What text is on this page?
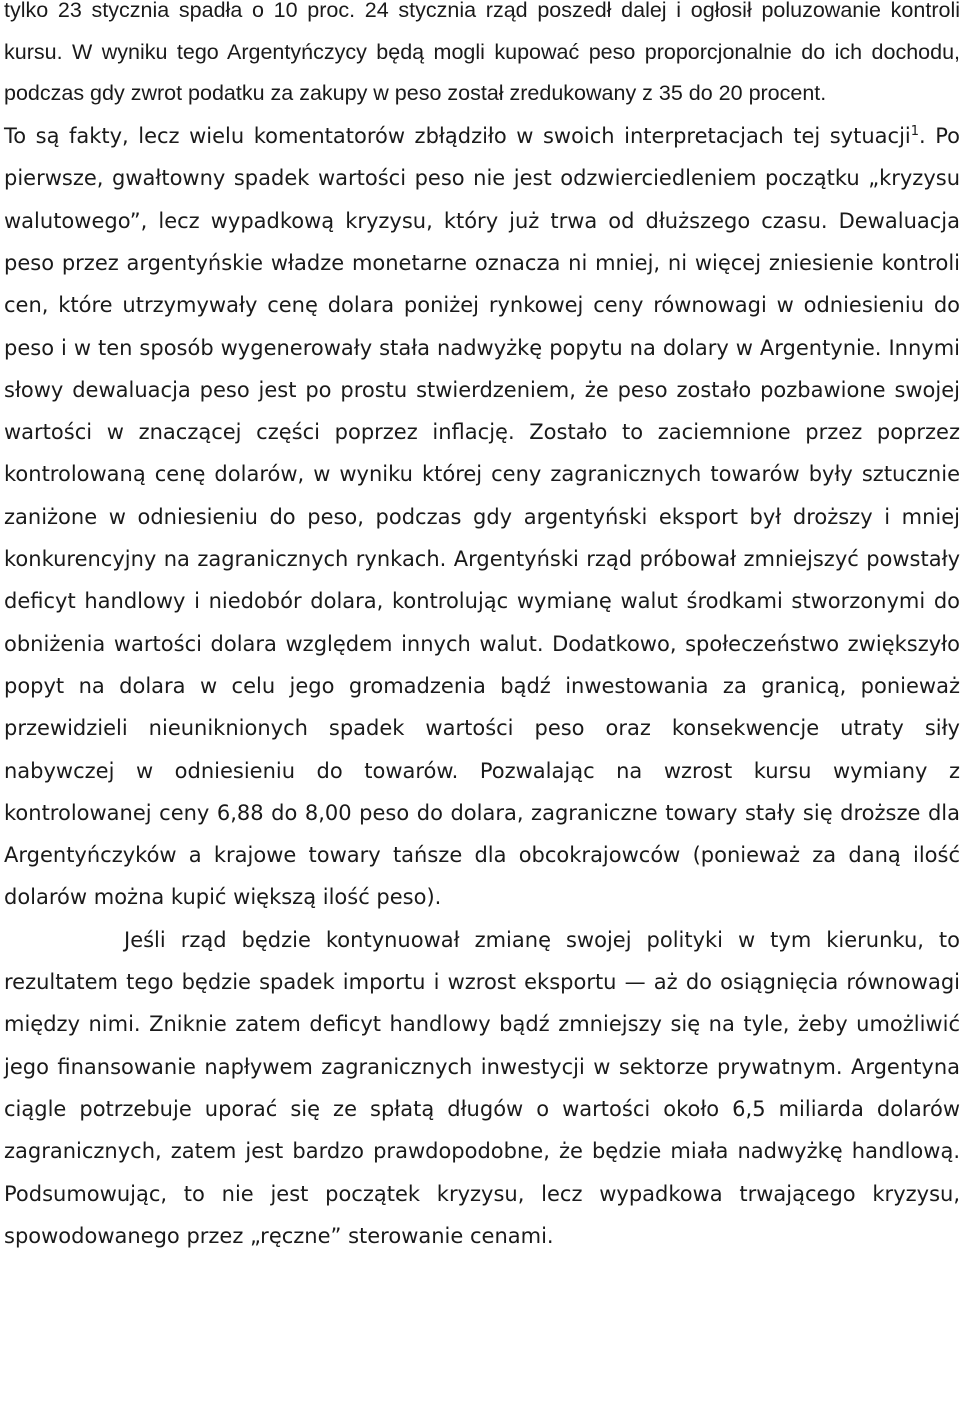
tylko 23 stycznia spadła o 10 proc. 24 stycznia rząd poszedł dalej i ogłosił poluzowanie kontroli kursu. W wyniku tego Argentyńczycy będą mogli kupować peso proporcjonalnie do ich dochodu, podczas gdy zwrot podatku za zakupy w peso został zredukowany z 35 do 20 procent.

To są fakty, lecz wielu komentatorów zbłądziło w swoich interpretacjach tej sytuacji$^1$. Po pierwsze, gwałtowny spadek wartości peso nie jest odzwierciedleniem początku „kryzysu walutowego”, lecz wypadkową kryzysu, który już trwa od dłuższego czasu. Dewaluacja peso przez argentyńskie władze monetarne oznacza ni mniej, ni więcej zniesienie kontroli cen, które utrzymywały cenę dolara poniżej rynkowej ceny równowagi w odniesieniu do peso i w ten sposób wygenerowały stała nadwyżkę popytu na dolary w Argentynie. Innymi słowy dewaluacja peso jest po prostu stwierdzeniem, że peso zostało pozbawione swojej wartości w znaczącej części poprzez inflację. Zostało to zaciemnione przez poprzez kontrolowaną cenę dolarów, w wyniku której ceny zagranicznych towarów były sztucznie zaniżone w odniesieniu do peso, podczas gdy argentyński eksport był droższy i mniej konkurencyjny na zagranicznych rynkach. Argentyński rząd próbował zmniejszyć powstały deficyt handlowy i niedobór dolara, kontrolując wymianę walut środkami stworzonymi do obniżenia wartości dolara względem innych walut. Dodatkowo, społeczeństwo zwiększyło popyt na dolara w celu jego gromadzenia bądź inwestowania za granicą, ponieważ przewidzieli nieuniknionych spadek wartości peso oraz konsekwencje utraty siły nabywczej w odniesieniu do towarów. Pozwalając na wzrost kursu wymiany z kontrolowanej ceny 6,88 do 8,00 peso do dolara, zagraniczne towary stały się droższe dla Argentyńczyków a krajowe towary tańsze dla obcokrajowców (ponieważ za daną ilość dolarów można kupić większą ilość peso).

Jeśli rząd będzie kontynuował zmianę swojej polityki w tym kierunku, to rezultatem tego będzie spadek importu i wzrost eksportu — aż do osiągnięcia równowagi między nimi. Zniknie zatem deficyt handlowy bądź zmniejszy się na tyle, żeby umożliwić jego finansowanie napływem zagranicznych inwestycji w sektorze prywatnym. Argentyna ciągle potrzebuje uporać się ze spłatą długów o wartości około 6,5 miliarda dolarów zagranicznych, zatem jest bardzo prawdopodobne, że będzie miała nadwyżkę handlową. Podsumowując, to nie jest początek kryzysu, lecz wypadkowa trwającego kryzysu, spowodowanego przez „ręczne” sterowanie cenami.
